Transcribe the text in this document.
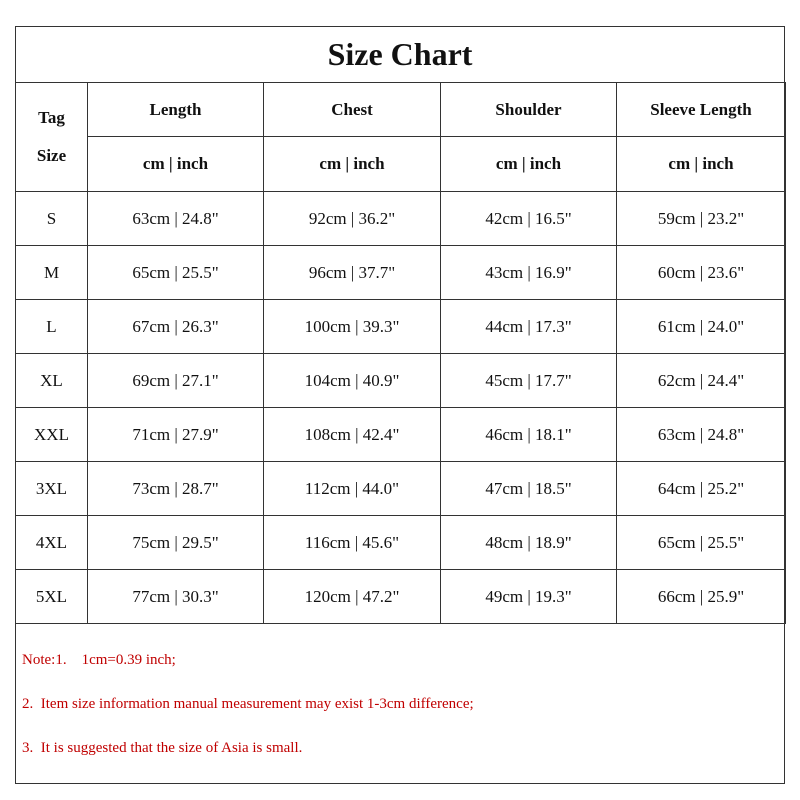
Size Chart
Tag
Size	Length	Chest	Shoulder	Sleeve Length
	cm | inch	cm | inch	cm | inch	cm | inch
S	63cm | 24.8"	92cm | 36.2"	42cm | 16.5"	59cm | 23.2"
M	65cm | 25.5"	96cm | 37.7"	43cm | 16.9"	60cm | 23.6"
L	67cm | 26.3"	100cm | 39.3"	44cm | 17.3"	61cm | 24.0"
XL	69cm | 27.1"	104cm | 40.9"	45cm | 17.7"	62cm | 24.4"
XXL	71cm | 27.9"	108cm | 42.4"	46cm | 18.1"	63cm | 24.8"
3XL	73cm | 28.7"	112cm | 44.0"	47cm | 18.5"	64cm | 25.2"
4XL	75cm | 29.5"	116cm | 45.6"	48cm | 18.9"	65cm | 25.5"
5XL	77cm | 30.3"	120cm | 47.2"	49cm | 19.3"	66cm | 25.9"
Note:1.    1cm=0.39 inch;
2.  Item size information manual measurement may exist 1-3cm difference;
3.  It is suggested that the size of Asia is small.
